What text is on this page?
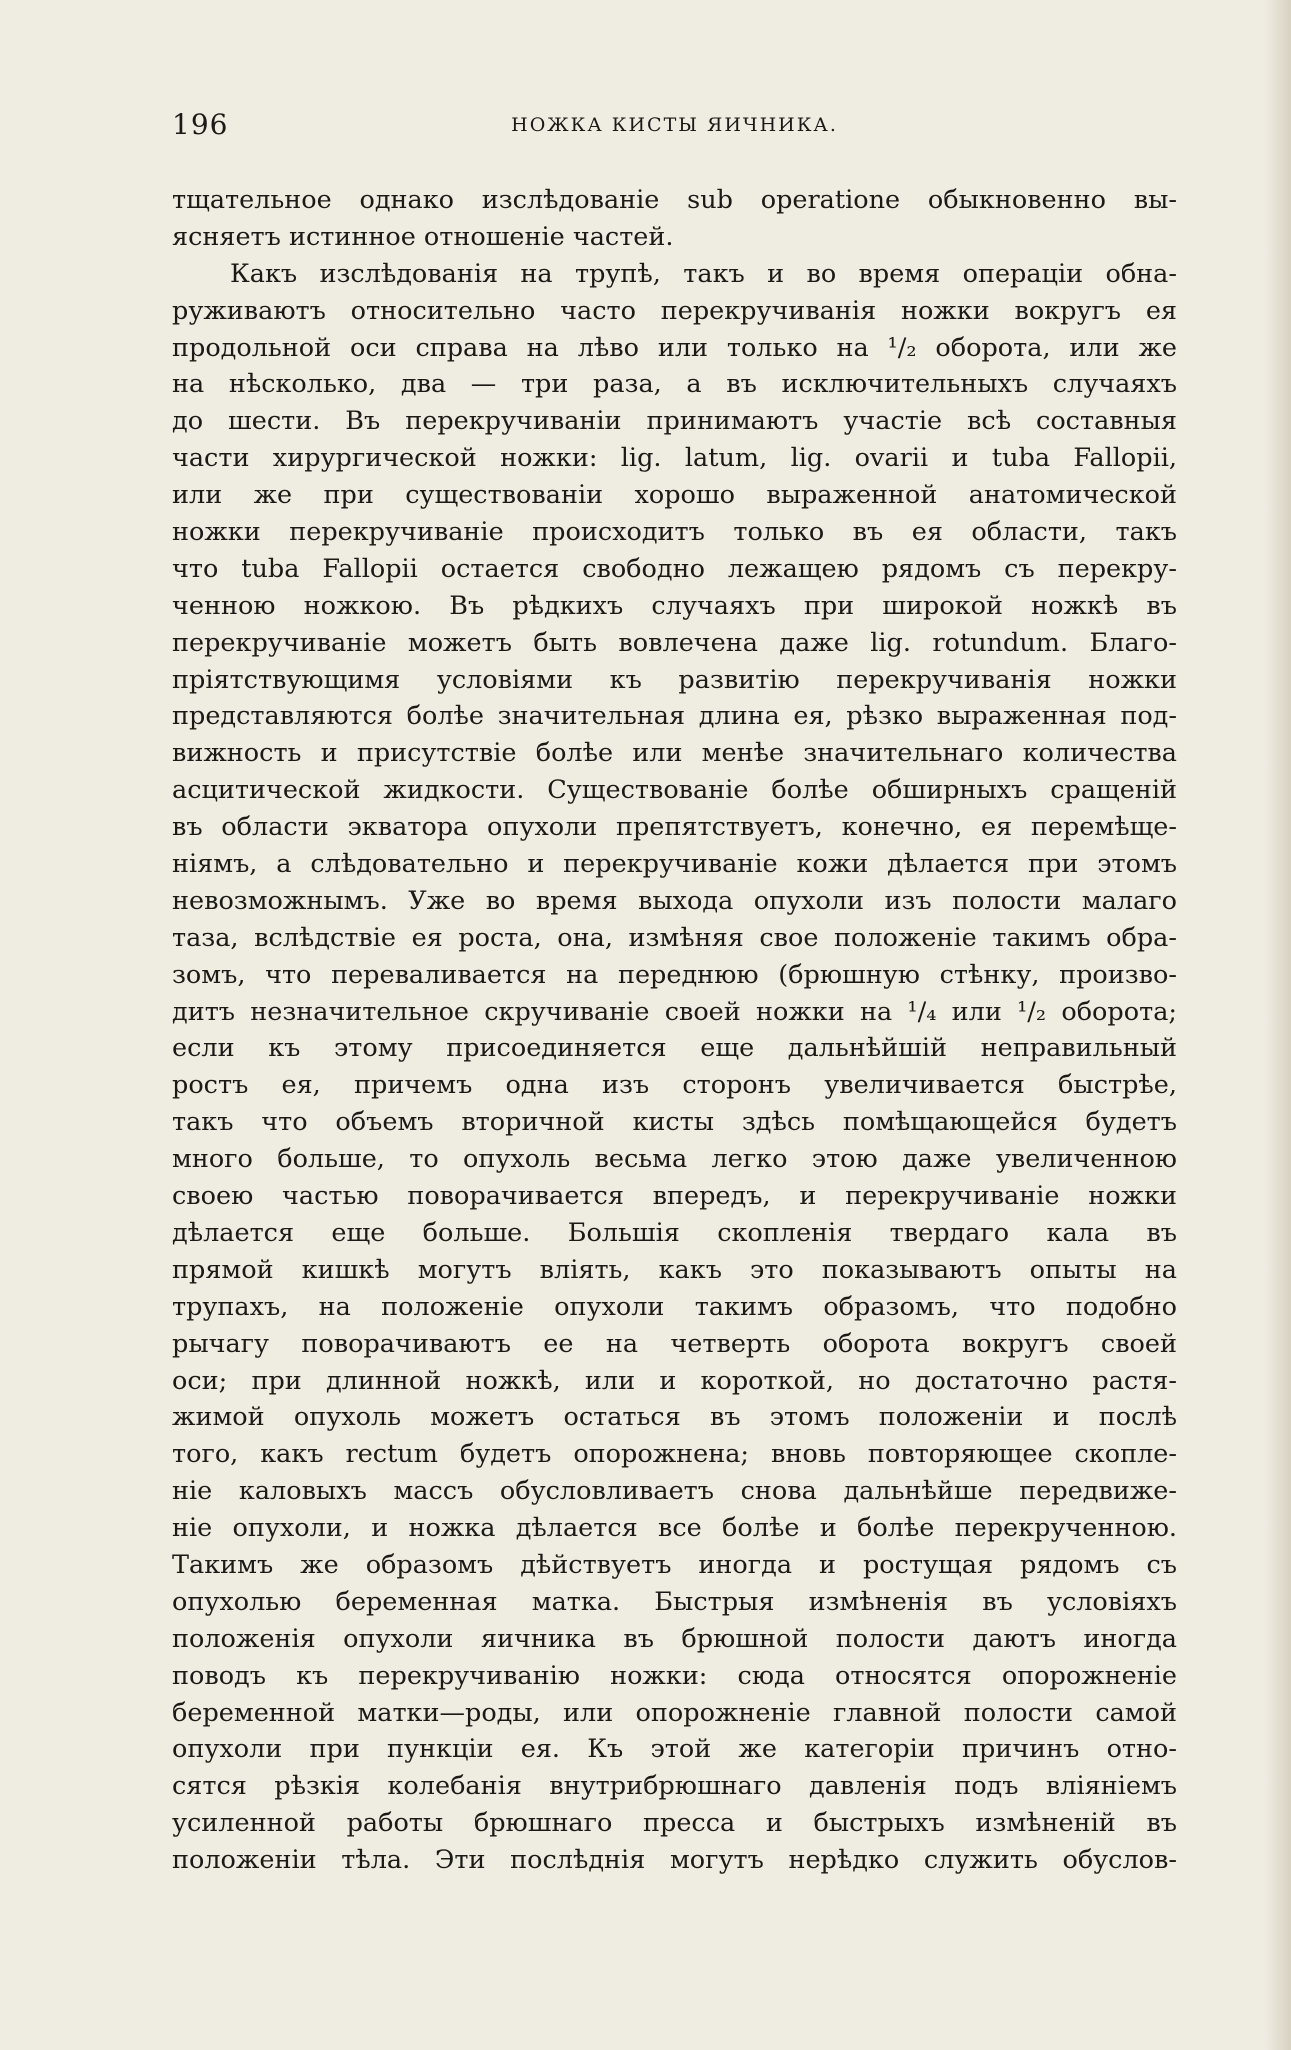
196	НОЖКА КИСТЫ ЯИЧНИКА.
тщательное однако изслѣдованiе sub operatione обыкновенно вы-
ясняетъ истинное отношенiе частей.
Какъ изслѣдованiя на трупѣ, такъ и во время операцiи обна-
руживаютъ относительно часто перекручиванiя ножки вокругъ ея
продольной оси справа на лѣво или только на ¹/₂ оборота, или же
на нѣсколько, два — три раза, а въ исключительныхъ случаяхъ
до шести. Въ перекручиванiи принимаютъ участiе всѣ составныя
части хирургической ножки: lig. latum, lig. ovarii и tuba Fallopii,
или же при существованiи хорошо выраженной анатомической
ножки перекручиванiе происходитъ только въ ея области, такъ
что tuba Fallopii остается свободно лежащею рядомъ съ перекру-
ченною ножкою. Въ рѣдкихъ случаяхъ при широкой ножкѣ въ
перекручиванiе можетъ быть вовлечена даже lig. rotundum. Благо-
прiятствующимя условiями къ развитiю перекручиванiя ножки
представляются болѣе значительная длина ея, рѣзко выраженная под-
вижность и присутствiе болѣе или менѣе значительнаго количества
асцитической жидкости. Существованiе болѣе обширныхъ сращенiй
въ области экватора опухоли препятствуетъ, конечно, ея перемѣще-
нiямъ, а слѣдовательно и перекручиванiе кожи дѣлается при этомъ
невозможнымъ. Уже во время выхода опухоли изъ полости малаго
таза, вслѣдствiе ея роста, она, измѣняя свое положенiе такимъ обра-
зомъ, что переваливается на переднюю (брюшную стѣнку, произво-
дитъ незначительное скручиванiе своей ножки на ¹/₄ или ¹/₂ оборота;
если къ этому присоединяется еще дальнѣйшiй неправильный
ростъ ея, причемъ одна изъ сторонъ увеличивается быстрѣе,
такъ что объемъ вторичной кисты здѣсь помѣщающейся будетъ
много больше, то опухоль весьма легко этою даже увеличенною
своею частью поворачивается впередъ, и перекручиванiе ножки
дѣлается еще больше. Большiя скопленiя твердаго кала въ
прямой кишкѣ могутъ влiять, какъ это показываютъ опыты на
трупахъ, на положенiе опухоли такимъ образомъ, что подобно
рычагу поворачиваютъ ее на четверть оборота вокругъ своей
оси; при длинной ножкѣ, или и короткой, но достаточно растя-
жимой опухоль можетъ остаться въ этомъ положенiи и послѣ
того, какъ rectum будетъ опорожнена; вновь повторяющее скопле-
нiе каловыхъ массъ обусловливаетъ снова дальнѣйше передвиже-
нiе опухоли, и ножка дѣлается все болѣе и болѣе перекрученною.
Такимъ же образомъ дѣйствуетъ иногда и ростущая рядомъ съ
опухолью беременная матка. Быстрыя измѣненiя въ условiяхъ
положенiя опухоли яичника въ брюшной полости даютъ иногда
поводъ къ перекручиванiю ножки: сюда относятся опорожненiе
беременной матки—роды, или опорожненiе главной полости самой
опухоли при пункцiи ея. Къ этой же категорiи причинъ отно-
сятся рѣзкiя колебанiя внутрибрюшнаго давленiя подъ влiянiемъ
усиленной работы брюшнаго пресса и быстрыхъ измѣненiй въ
положенiи тѣла. Эти послѣднiя могутъ нерѣдко служить обуслов-
